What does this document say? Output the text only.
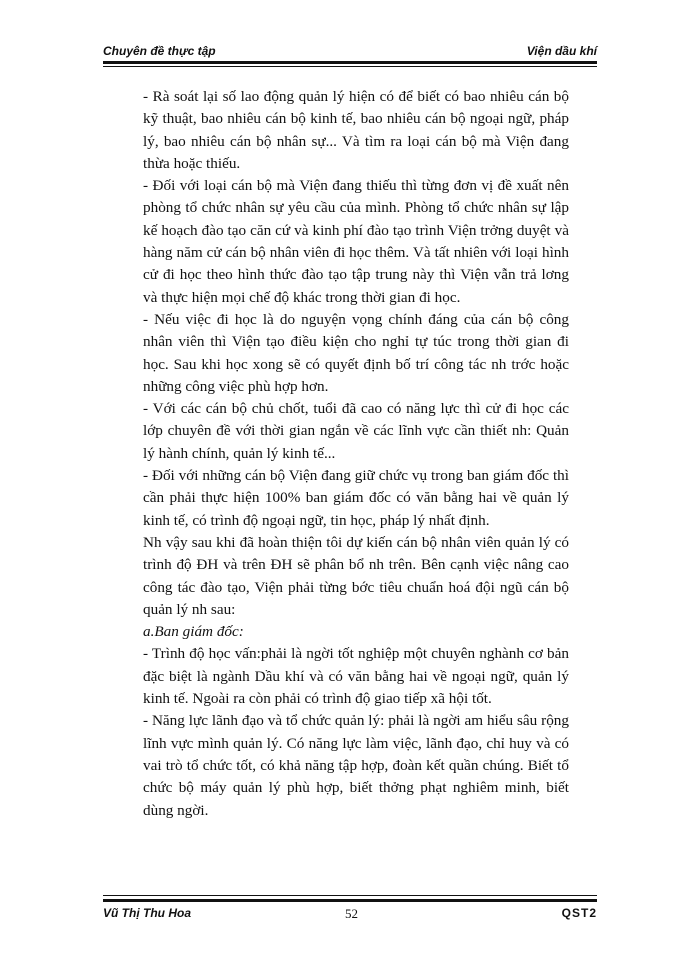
Chuyên đề thực tập	Viện dầu khí

- Rà soát lại số lao động quản lý hiện có để biết có bao nhiêu cán bộ kỹ thuật, bao nhiêu cán bộ kinh tế, bao nhiêu cán bộ ngoại ngữ, pháp lý, bao nhiêu cán bộ nhân sự... Và tìm ra loại cán bộ mà Viện đang thừa hoặc thiếu.

- Đối với loại cán bộ mà Viện đang thiếu thì từng đơn vị đề xuất nên phòng tổ chức nhân sự yêu cầu của mình. Phòng tổ chức nhân sự lập kế hoạch đào tạo căn cứ và kinh phí đào tạo trình Viện trởng duyệt và hàng năm cử cán bộ nhân viên đi học thêm. Và tất nhiên với loại hình cử đi học theo hình thức đào tạo tập trung này thì Viện vẫn trả lơng và thực hiện mọi chế độ khác trong thời gian đi học.

- Nếu việc đi học là do nguyện vọng chính đáng của cán bộ công nhân viên thì Viện tạo điều kiện cho nghỉ tự túc trong thời gian đi học. Sau khi học xong sẽ có quyết định bố trí công tác nh trớc hoặc những công việc phù hợp hơn.

- Với các cán bộ chủ chốt, tuổi đã cao có năng lực thì cử đi học các lớp chuyên đề với thời gian ngắn về các lĩnh vực cần thiết nh: Quản lý hành chính, quản lý kinh tế...

- Đối với những cán bộ Viện đang giữ chức vụ trong ban giám đốc thì cần phải thực hiện 100% ban giám đốc có văn bằng hai về quản lý kinh tế, có trình độ ngoại ngữ, tin học, pháp lý nhất định.

Nh vậy sau khi đã hoàn thiện tôi dự kiến cán bộ nhân viên quản lý có trình độ ĐH và trên ĐH sẽ phân bổ nh trên. Bên cạnh việc nâng cao công tác đào tạo, Viện phải từng bớc tiêu chuẩn hoá đội ngũ cán bộ quản lý nh sau:

a.Ban giám đốc:

- Trình độ học vấn:phải là ngời tốt nghiệp một chuyên nghành cơ bản đặc biệt là ngành Dầu khí và có văn bằng hai về ngoại ngữ, quản lý kinh tế. Ngoài ra còn phải có trình độ giao tiếp xã hội tốt.

- Năng lực lãnh đạo và tổ chức quản lý: phải là ngời am hiểu sâu rộng lĩnh vực mình quản lý. Có năng lực làm việc, lãnh đạo, chỉ huy và có vai trò tổ chức tốt, có khả năng tập hợp, đoàn kết quần chúng. Biết tổ chức bộ máy quản lý phù hợp, biết thởng phạt nghiêm minh, biết dùng ngời.

Vũ Thị Thu Hoa	52	QST2
